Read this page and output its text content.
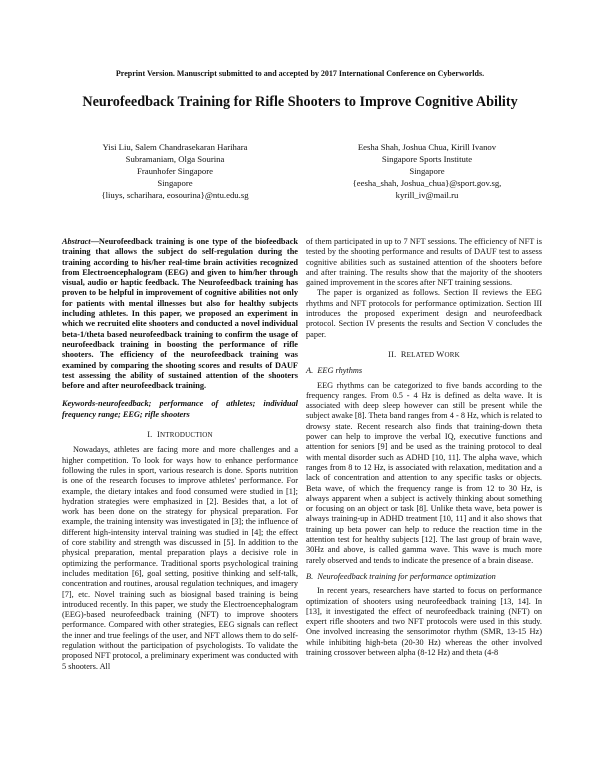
Preprint Version. Manuscript submitted to and accepted by 2017 International Conference on Cyberworlds.
Neurofeedback Training for Rifle Shooters to Improve Cognitive Ability
Yisi Liu, Salem Chandrasekaran Harihara
Subramaniam, Olga Sourina
Fraunhofer Singapore
Singapore
{liuys, scharihara, eosourina}@ntu.edu.sg
Eesha Shah, Joshua Chua, Kirill Ivanov
Singapore Sports Institute
Singapore
{eesha_shah, Joshua_chua}@sport.gov.sg,
kyrill_iv@mail.ru

Abstract—Neurofeedback training is one type of the biofeedback training that allows the subject do self-regulation during the training according to his/her real-time brain activities recognized from Electroencephalogram (EEG) and given to him/her through visual, audio or haptic feedback. The Neurofeedback training has proven to be helpful in improvement of cognitive abilities not only for patients with mental illnesses but also for healthy subjects including athletes. In this paper, we proposed an experiment in which we recruited elite shooters and conducted a novel individual beta-1/theta based neurofeedback training to confirm the usage of neurofeedback training in boosting the performance of rifle shooters. The efficiency of the neurofeedback training was examined by comparing the shooting scores and results of DAUF test assessing the ability of sustained attention of the shooters before and after neurofeedback training.

Keywords-neurofeedback; performance of athletes; individual frequency range; EEG; rifle shooters

I. INTRODUCTION

Nowadays, athletes are facing more and more challenges and a higher competition. To look for ways how to enhance performance following the rules in sport, various research is done. Sports nutrition is one of the research focuses to improve athletes' performance. For example, the dietary intakes and food consumed were studied in [1]; hydration strategies were emphasized in [2]. Besides that, a lot of work has been done on the strategy for physical preparation. For example, the training intensity was investigated in [3]; the influence of different high-intensity interval training was studied in [4]; the effect of core stability and strength was discussed in [5]. In addition to the physical preparation, mental preparation plays a decisive role in optimizing the performance. Traditional sports psychological training includes meditation [6], goal setting, positive thinking and self-talk, concentration and routines, arousal regulation techniques, and imagery [7], etc. Novel training such as biosignal based training is being introduced recently. In this paper, we study the Electroencephalogram (EEG)-based neurofeedback training (NFT) to improve shooters performance. Compared with other strategies, EEG signals can reflect the inner and true feelings of the user, and NFT allows them to do self-regulation without the participation of psychologists. To validate the proposed NFT protocol, a preliminary experiment was conducted with 5 shooters. All

of them participated in up to 7 NFT sessions. The efficiency of NFT is tested by the shooting performance and results of DAUF test to assess cognitive abilities such as sustained attention of the shooters before and after training. The results show that the majority of the shooters gained improvement in the scores after NFT training sessions.

The paper is organized as follows. Section II reviews the EEG rhythms and NFT protocols for performance optimization. Section III introduces the proposed experiment design and neurofeedback protocol. Section IV presents the results and Section V concludes the paper.

II. RELATED WORK
A. EEG rhythms

EEG rhythms can be categorized to five bands according to the frequency ranges. From 0.5 - 4 Hz is defined as delta wave. It is associated with deep sleep however can still be present while the subject awake [8]. Theta band ranges from 4 - 8 Hz, which is related to drowsy state. Recent research also finds that training-down theta power can help to improve the verbal IQ, executive functions and attention for seniors [9] and be used as the training protocol to deal with mental disorder such as ADHD [10, 11]. The alpha wave, which ranges from 8 to 12 Hz, is associated with relaxation, meditation and a lack of concentration and attention to any specific tasks or objects. Beta wave, of which the frequency range is from 12 to 30 Hz, is always apparent when a subject is actively thinking about something or focusing on an object or task [8]. Unlike theta wave, beta power is always training-up in ADHD treatment [10, 11] and it also shows that training up beta power can help to reduce the reaction time in the attention test for healthy subjects [12]. The last group of brain wave, 30Hz and above, is called gamma wave. This wave is much more rarely observed and tends to indicate the presence of a brain disease.

B. Neurofeedback training for performance optimization

In recent years, researchers have started to focus on performance optimization of shooters using neurofeedback training [13, 14]. In [13], it investigated the effect of neurofeedback training (NFT) on expert rifle shooters and two NFT protocols were used in this study. One involved increasing the sensorimotor rhythm (SMR, 13-15 Hz) while inhibiting high-beta (20-30 Hz) whereas the other involved training crossover between alpha (8-12 Hz) and theta (4-8
